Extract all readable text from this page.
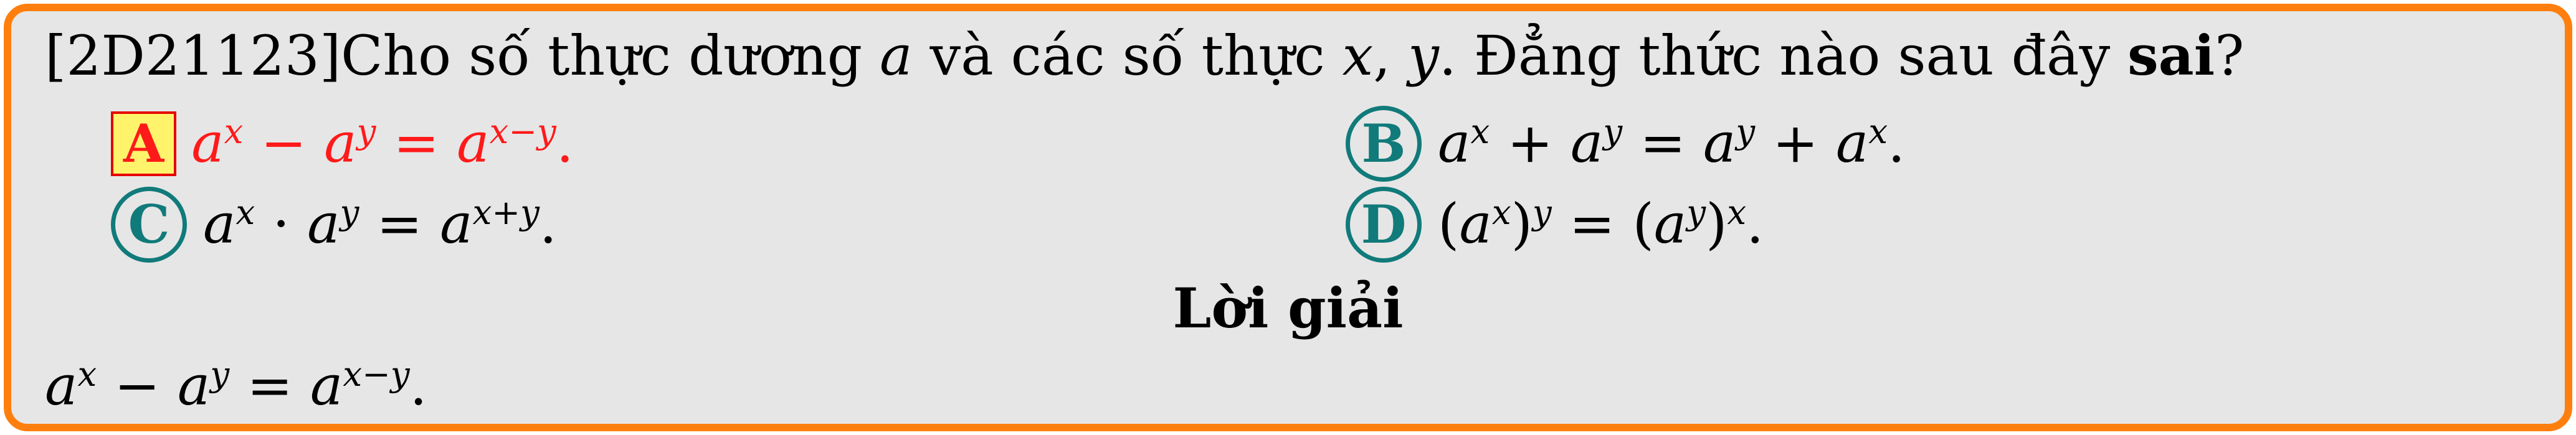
[2D21123]Cho số thực dương a và các số thực x, y. Đẳng thức nào sau đây sai?
A $a^x - a^y = a^{x-y}$.	B $a^x + a^y = a^y + a^x$.
C $a^x \cdot a^y = a^{x+y}$.	D $(a^x)^y = (a^y)^x$.
Lời giải
$a^x - a^y = a^{x-y}$.
